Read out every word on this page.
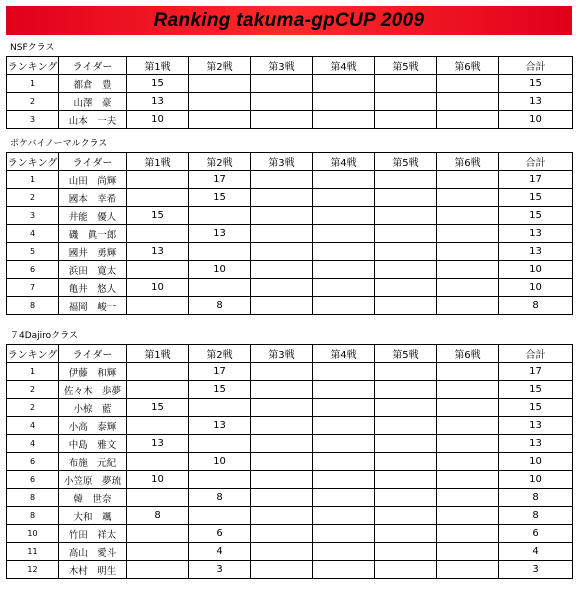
Ranking takuma-gpCUP 2009
NSFクラス
ランキング	ライダー	第1戦	第2戦	第3戦	第4戦	第5戦	第6戦	合計
1	都倉　豊	15						15
2	山澤　豪	13						13
3	山本　一夫	10						10
ポケバイノーマルクラス
ランキング	ライダー	第1戦	第2戦	第3戦	第4戦	第5戦	第6戦	合計
1	山田　尚輝		17					17
2	國本　幸希		15					15
3	井能　優人	15						15
4	磯　眞一郎		13					13
5	國井　勇輝	13						13
6	浜田　寛太		10					10
7	亀井　悠人	10						10
8	福岡　峻一		8					8
７4Dajiroクラス
ランキング	ライダー	第1戦	第2戦	第3戦	第4戦	第5戦	第6戦	合計
1	伊藤　和輝		17					17
2	佐々木　歩夢		15					15
2	小椋　藍	15						15
4	小高　泰輝		13					13
4	中島　雅文	13						13
6	布施　元紀		10					10
6	小笠原　夢琉	10						10
8	韓　世奈		8					8
8	大和　颯	8						8
10	竹田　祥太		6					6
11	高山　愛斗		4					4
12	木村　明生		3					3
